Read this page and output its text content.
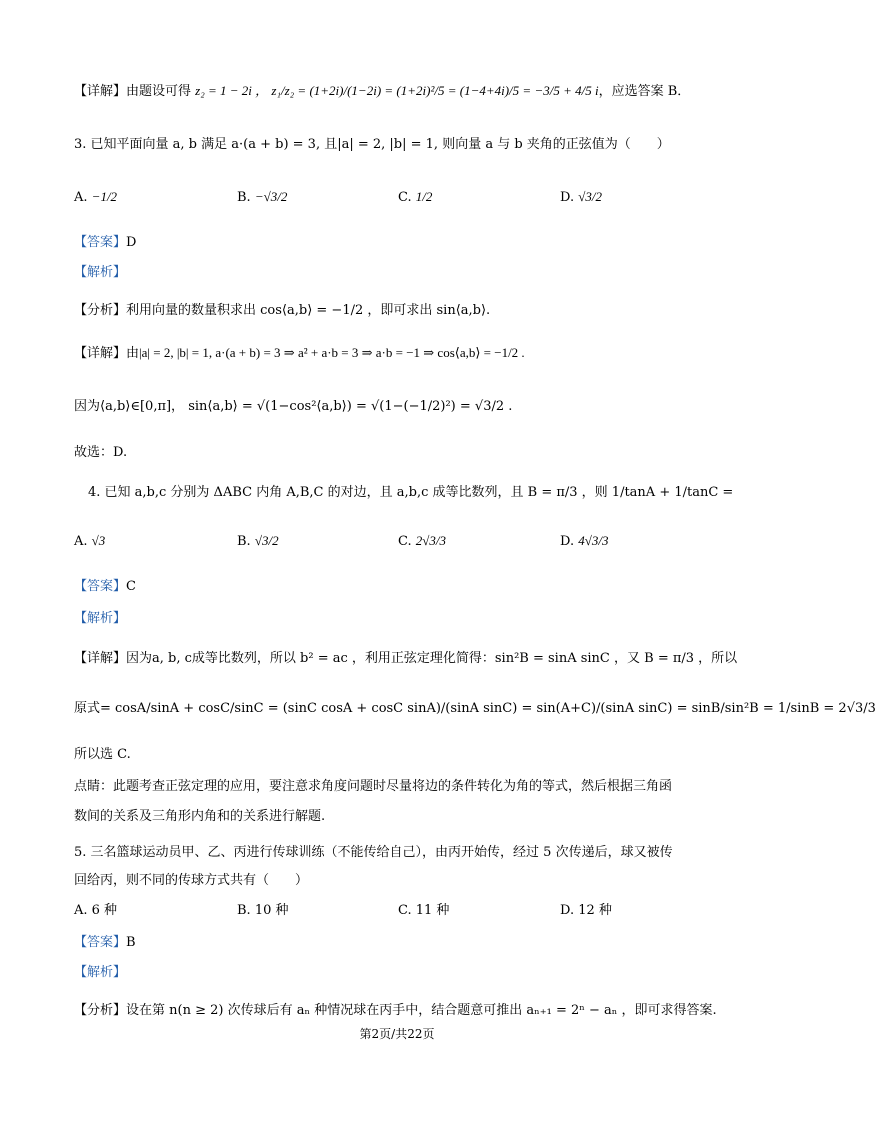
【详解】由题设可得 z₂ = 1 − 2i ， z₁/z₂ = (1+2i)/(1−2i) = (1+2i)²/5 = (1−4+4i)/5 = −3/5 + 4/5 i，应选答案 B．
3. 已知平面向量 a, b 满足 a·(a + b) = 3, 且|a| = 2, |b| = 1, 则向量 a 与 b 夹角的正弦值为（　　）
A. −1/2	B. −√3/2	C. 1/2	D. √3/2
【答案】D
【解析】
【分析】利用向量的数量积求出 cos⟨a,b⟩ = −1/2 ，即可求出 sin⟨a,b⟩.
【详解】由|a| = 2, |b| = 1, a·(a + b) = 3 ⇒ a² + a·b = 3 ⇒ a·b = −1 ⇒ cos⟨a,b⟩ = −1/2 .
因为⟨a,b⟩∈[0,π]， sin⟨a,b⟩ = √(1−cos²⟨a,b⟩) = √(1−(−1/2)²) = √3/2 .
故选：D.
4. 已知 a,b,c 分别为 ΔABC 内角 A,B,C 的对边，且 a,b,c 成等比数列，且 B = π/3 ，则 1/tanA + 1/tanC =
A. √3	B. √3/2	C. 2√3/3	D. 4√3/3
【答案】C
【解析】
【详解】因为a, b, c成等比数列，所以 b² = ac ，利用正弦定理化简得：sin²B = sinA sinC ，又 B = π/3 ，所以
原式= cosA/sinA + cosC/sinC = (sinC cosA + cosC sinA)/(sinA sinC) = sin(A+C)/(sinA sinC) = sinB/sin²B = 1/sinB = 2√3/3
所以选 C.
点睛：此题考查正弦定理的应用，要注意求角度问题时尽量将边的条件转化为角的等式，然后根据三角函
数间的关系及三角形内角和的关系进行解题.
5. 三名篮球运动员甲、乙、丙进行传球训练（不能传给自己），由丙开始传，经过 5 次传递后，球又被传
回给丙，则不同的传球方式共有（　　）
A. 6 种	B. 10 种	C. 11 种	D. 12 种
【答案】B
【解析】
【分析】设在第 n(n ≥ 2) 次传球后有 aₙ 种情况球在丙手中，结合题意可推出 aₙ₊₁ = 2ⁿ − aₙ ，即可求得答案.
第2页/共22页
